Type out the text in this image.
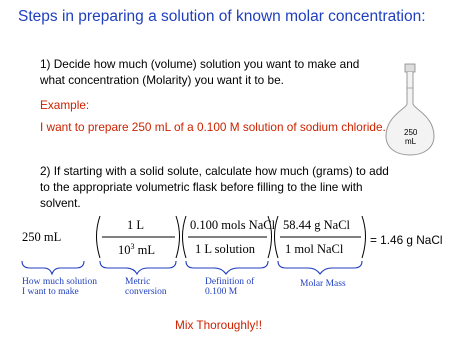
Steps in preparing a solution of known molar concentration:
1) Decide how much (volume) solution you want to make and what concentration (Molarity) you want it to be.
Example:
I want to prepare 250 mL of a 0.100 M solution of sodium chloride. 250
mL
2) If starting with a solid solute, calculate how much (grams) to add to the appropriate volumetric flask before filling to the line with solvent.
250 mL
1 L
$10^3$ mL
0.100 mols NaCl
1 L solution
58.44 g NaCl
1 mol NaCl
= 1.46 g NaCl
How much solution
I want to make
Metric
conversion
Definition of
0.100 M
Molar Mass
Mix Thoroughly!!
